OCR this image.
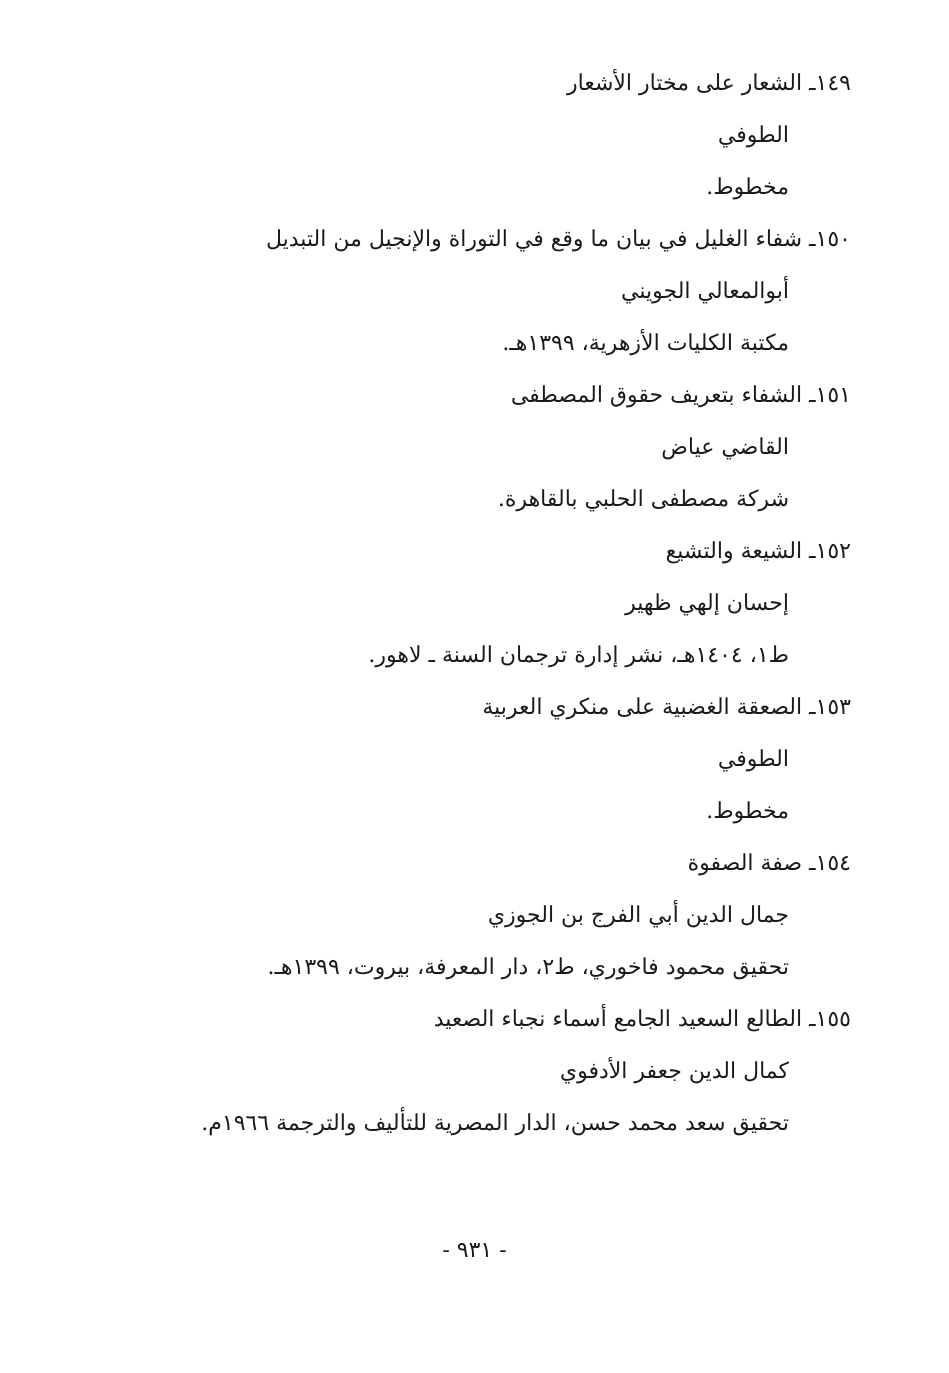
١٤٩ـ الشعار على مختار الأشعار
الطوفي
مخطوط.
١٥٠ـ شفاء الغليل في بيان ما وقع في التوراة والإنجيل من التبديل
أبوالمعالي الجويني
مكتبة الكليات الأزهرية، ١٣٩٩هـ.
١٥١ـ الشفاء بتعريف حقوق المصطفى
القاضي عياض
شركة مصطفى الحلبي بالقاهرة.
١٥٢ـ الشيعة والتشيع
إحسان إلهي ظهير
ط١، ١٤٠٤هـ، نشر إدارة ترجمان السنة ـ لاهور.
١٥٣ـ الصعقة الغضبية على منكري العربية
الطوفي
مخطوط.
١٥٤ـ صفة الصفوة
جمال الدين أبي الفرج بن الجوزي
تحقيق محمود فاخوري، ط٢، دار المعرفة، بيروت، ١٣٩٩هـ.
١٥٥ـ الطالع السعيد الجامع أسماء نجباء الصعيد
كمال الدين جعفر الأدفوي
تحقيق سعد محمد حسن، الدار المصرية للتأليف والترجمة ١٩٦٦م.
- ٩٣١ -
